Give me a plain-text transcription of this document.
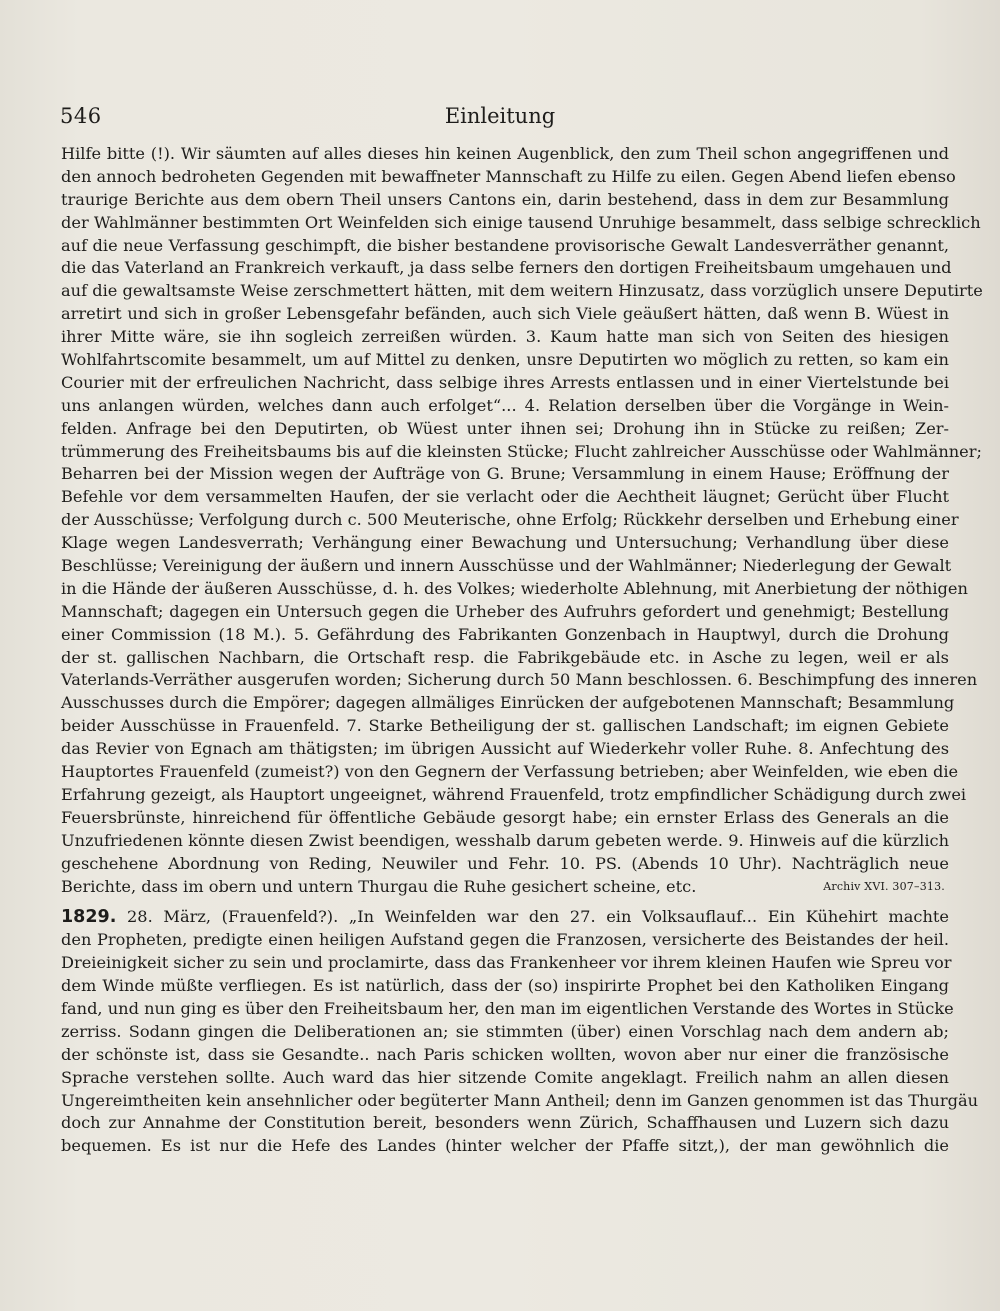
546	Einleitung
Hilfe bitte (!). Wir säumten auf alles dieses hin keinen Augenblick, den zum Theil schon angegriffenen und
den annoch bedroheten Gegenden mit bewaffneter Mannschaft zu Hilfe zu eilen. Gegen Abend liefen ebenso
traurige Berichte aus dem obern Theil unsers Cantons ein, darin bestehend, dass in dem zur Besammlung
der Wahlmänner bestimmten Ort Weinfelden sich einige tausend Unruhige besammelt, dass selbige schrecklich
auf die neue Verfassung geschimpft, die bisher bestandene provisorische Gewalt Landesverräther genannt,
die das Vaterland an Frankreich verkauft, ja dass selbe ferners den dortigen Freiheitsbaum umgehauen und
auf die gewaltsamste Weise zerschmettert hätten, mit dem weitern Hinzusatz, dass vorzüglich unsere Deputirte
arretirt und sich in großer Lebensgefahr befänden, auch sich Viele geäußert hätten, daß wenn B. Wüest in
ihrer Mitte wäre, sie ihn sogleich zerreißen würden. 3. Kaum hatte man sich von Seiten des hiesigen
Wohlfahrtscomite besammelt, um auf Mittel zu denken, unsre Deputirten wo möglich zu retten, so kam ein
Courier mit der erfreulichen Nachricht, dass selbige ihres Arrests entlassen und in einer Viertelstunde bei
uns anlangen würden, welches dann auch erfolget“... 4. Relation derselben über die Vorgänge in Wein-
felden. Anfrage bei den Deputirten, ob Wüest unter ihnen sei; Drohung ihn in Stücke zu reißen; Zer-
trümmerung des Freiheitsbaums bis auf die kleinsten Stücke; Flucht zahlreicher Ausschüsse oder Wahlmänner;
Beharren bei der Mission wegen der Aufträge von G. Brune; Versammlung in einem Hause; Eröffnung der
Befehle vor dem versammelten Haufen, der sie verlacht oder die Aechtheit läugnet; Gerücht über Flucht
der Ausschüsse; Verfolgung durch c. 500 Meuterische, ohne Erfolg; Rückkehr derselben und Erhebung einer
Klage wegen Landesverrath; Verhängung einer Bewachung und Untersuchung; Verhandlung über diese
Beschlüsse; Vereinigung der äußern und innern Ausschüsse und der Wahlmänner; Niederlegung der Gewalt
in die Hände der äußeren Ausschüsse, d. h. des Volkes; wiederholte Ablehnung, mit Anerbietung der nöthigen
Mannschaft; dagegen ein Untersuch gegen die Urheber des Aufruhrs gefordert und genehmigt; Bestellung
einer Commission (18 M.). 5. Gefährdung des Fabrikanten Gonzenbach in Hauptwyl, durch die Drohung
der st. gallischen Nachbarn, die Ortschaft resp. die Fabrikgebäude etc. in Asche zu legen, weil er als
Vaterlands-Verräther ausgerufen worden; Sicherung durch 50 Mann beschlossen. 6. Beschimpfung des inneren
Ausschusses durch die Empörer; dagegen allmäliges Einrücken der aufgebotenen Mannschaft; Besammlung
beider Ausschüsse in Frauenfeld. 7. Starke Betheiligung der st. gallischen Landschaft; im eignen Gebiete
das Revier von Egnach am thätigsten; im übrigen Aussicht auf Wiederkehr voller Ruhe. 8. Anfechtung des
Hauptortes Frauenfeld (zumeist?) von den Gegnern der Verfassung betrieben; aber Weinfelden, wie eben die
Erfahrung gezeigt, als Hauptort ungeeignet, während Frauenfeld, trotz empfindlicher Schädigung durch zwei
Feuersbrünste, hinreichend für öffentliche Gebäude gesorgt habe; ein ernster Erlass des Generals an die
Unzufriedenen könnte diesen Zwist beendigen, wesshalb darum gebeten werde. 9. Hinweis auf die kürzlich
geschehene Abordnung von Reding, Neuwiler und Fehr. 10. PS. (Abends 10 Uhr). Nachträglich neue
Berichte, dass im obern und untern Thurgau die Ruhe gesichert scheine, etc.	Archiv XVI. 307–313.
1829. 28. März, (Frauenfeld?). „In Weinfelden war den 27. ein Volksauflauf... Ein Kühehirt machte
den Propheten, predigte einen heiligen Aufstand gegen die Franzosen, versicherte des Beistandes der heil.
Dreieinigkeit sicher zu sein und proclamirte, dass das Frankenheer vor ihrem kleinen Haufen wie Spreu vor
dem Winde müßte verfliegen. Es ist natürlich, dass der (so) inspirirte Prophet bei den Katholiken Eingang
fand, und nun ging es über den Freiheitsbaum her, den man im eigentlichen Verstande des Wortes in Stücke
zerriss. Sodann gingen die Deliberationen an; sie stimmten (über) einen Vorschlag nach dem andern ab;
der schönste ist, dass sie Gesandte.. nach Paris schicken wollten, wovon aber nur einer die französische
Sprache verstehen sollte. Auch ward das hier sitzende Comite angeklagt. Freilich nahm an allen diesen
Ungereimtheiten kein ansehnlicher oder begüterter Mann Antheil; denn im Ganzen genommen ist das Thurgäu
doch zur Annahme der Constitution bereit, besonders wenn Zürich, Schaffhausen und Luzern sich dazu
bequemen. Es ist nur die Hefe des Landes (hinter welcher der Pfaffe sitzt,), der man gewöhnlich die
